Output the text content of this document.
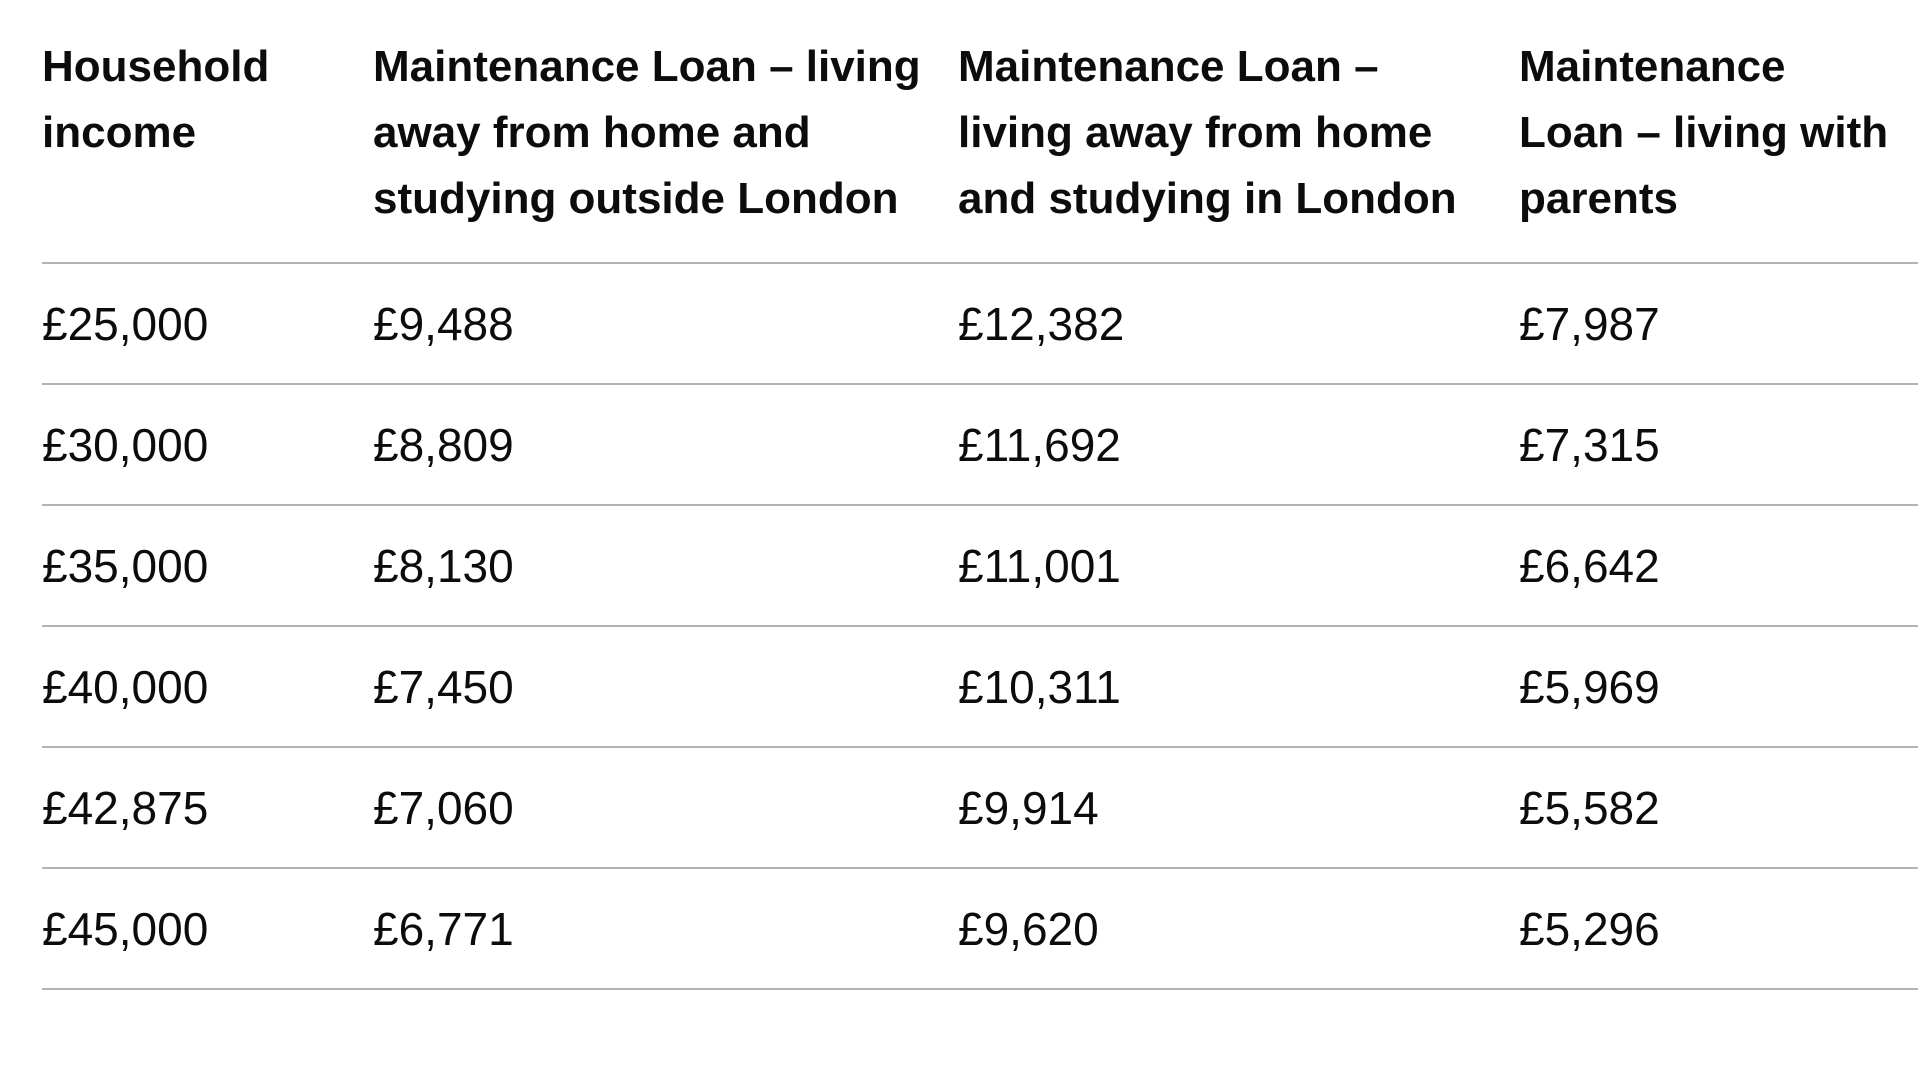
Household income	Maintenance Loan – living away from home and studying outside London	Maintenance Loan – living away from home and studying in London	Maintenance Loan – living with parents
£25,000	£9,488	£12,382	£7,987
£30,000	£8,809	£11,692	£7,315
£35,000	£8,130	£11,001	£6,642
£40,000	£7,450	£10,311	£5,969
£42,875	£7,060	£9,914	£5,582
£45,000	£6,771	£9,620	£5,296
